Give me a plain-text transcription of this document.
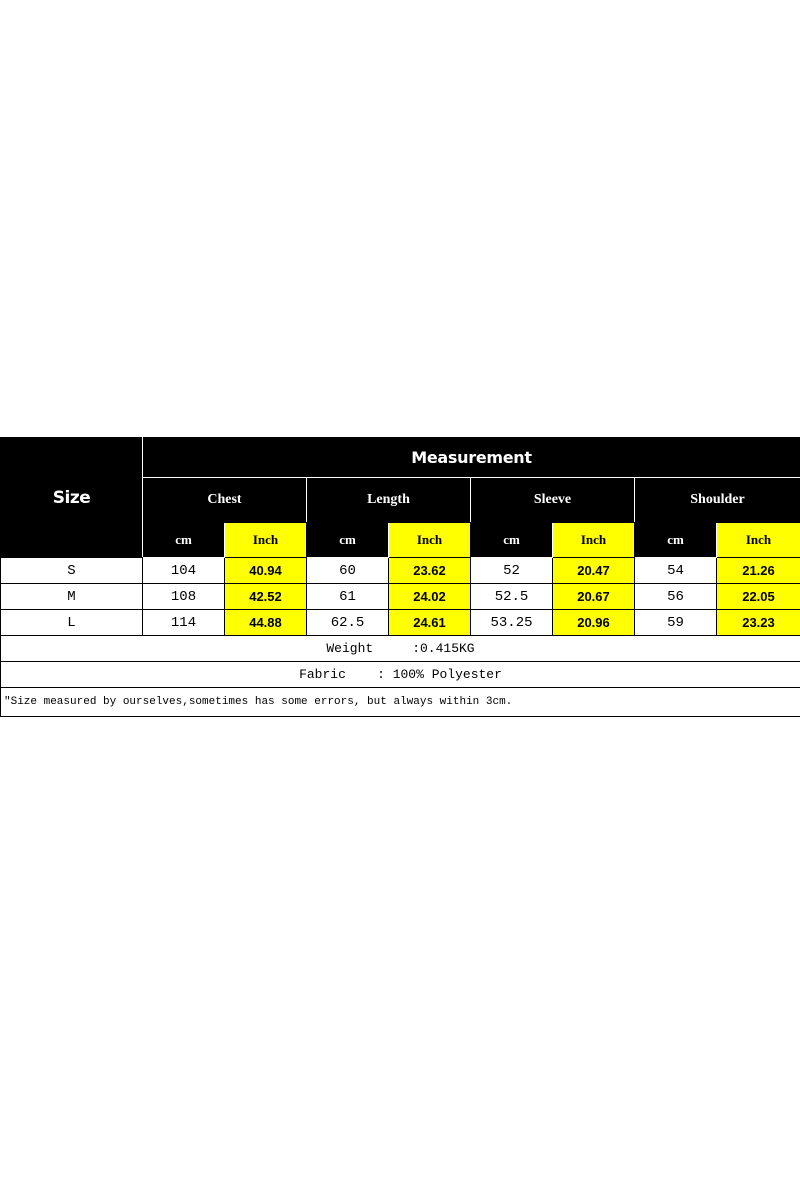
Size	Measurement							
	Chest		Length		Sleeve		Shoulder	
	cm	Inch	cm	Inch	cm	Inch	cm	Inch
S	104	40.94	60	23.62	52	20.47	54	21.26
M	108	42.52	61	24.02	52.5	20.67	56	22.05
L	114	44.88	62.5	24.61	53.25	20.96	59	23.23
Weight :0.415KG								
Fabric : 100% Polyester								
"Size measured by ourselves,sometimes has some errors, but always within 3cm.								
